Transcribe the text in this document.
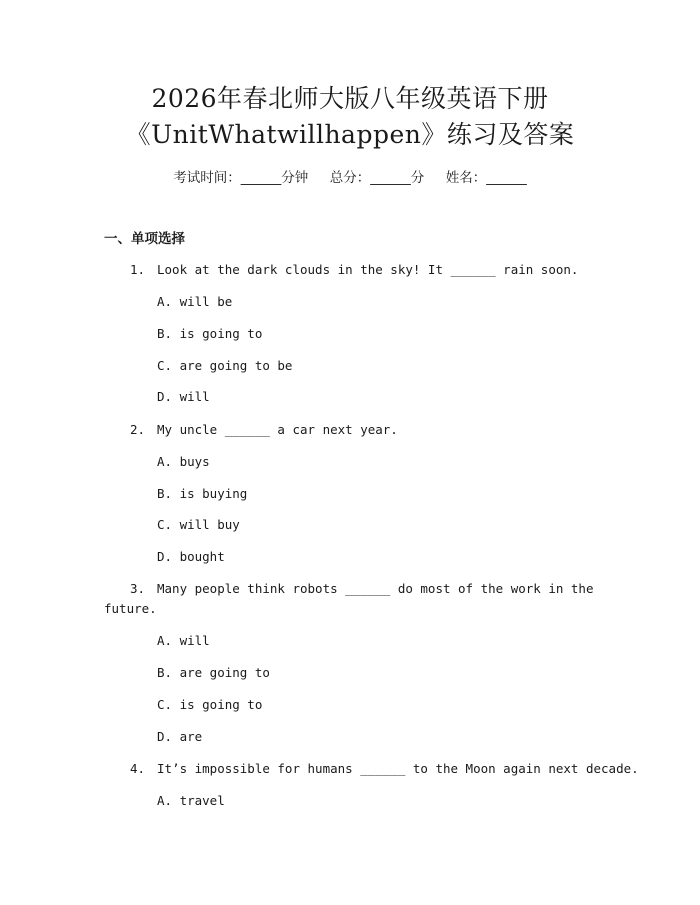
2026年春北师大版八年级英语下册
《UnitWhatwillhappen》练习及答案
考试时间：______分钟     总分：______分     姓名：______
一、单项选择
1. Look at the dark clouds in the sky! It ______ rain soon.
A. will be
B. is going to
C. are going to be
D. will
2. My uncle ______ a car next year.
A. buys
B. is buying
C. will buy
D. bought
3. Many people think robots ______ do most of the work in the
future.
A. will
B. are going to
C. is going to
D. are
4. It’s impossible for humans ______ to the Moon again next decade.
A. travel
